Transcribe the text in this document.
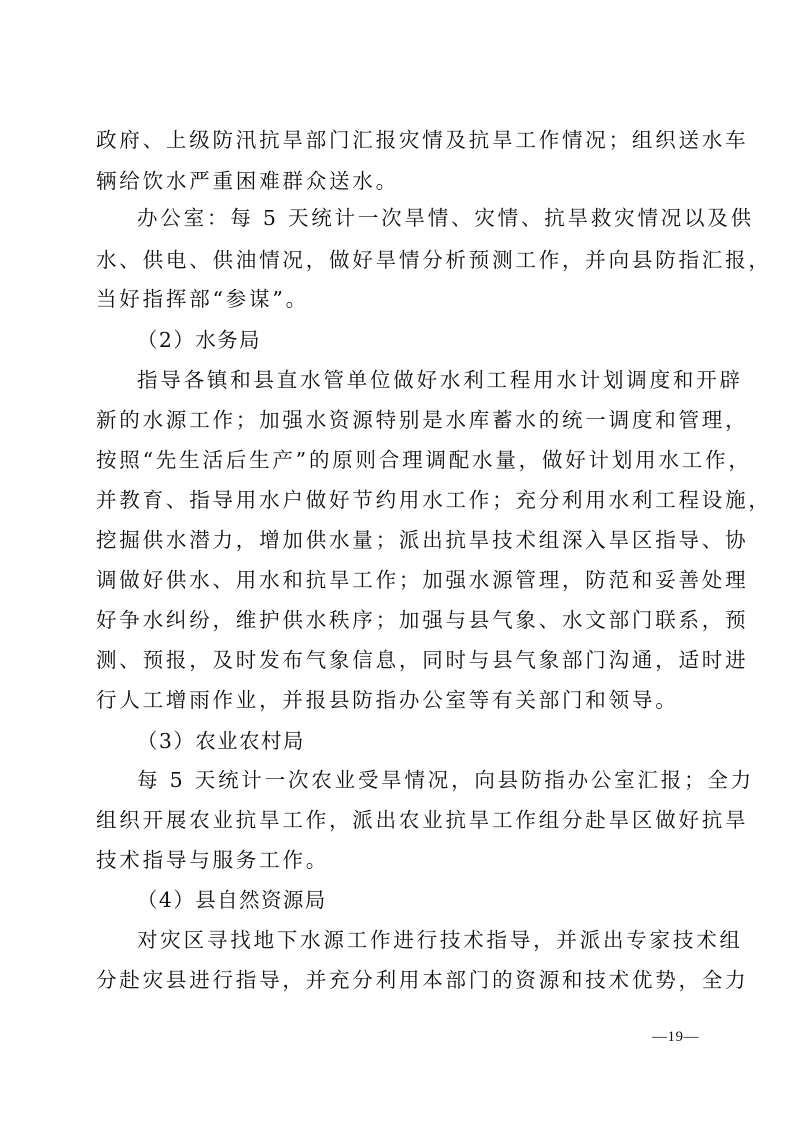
政府、上级防汛抗旱部门汇报灾情及抗旱工作情况；组织送水车
辆给饮水严重困难群众送水。
办公室：每 5 天统计一次旱情、灾情、抗旱救灾情况以及供
水、供电、供油情况，做好旱情分析预测工作，并向县防指汇报，
当好指挥部“参谋”。
（2）水务局
指导各镇和县直水管单位做好水利工程用水计划调度和开辟
新的水源工作；加强水资源特别是水库蓄水的统一调度和管理，
按照“先生活后生产”的原则合理调配水量，做好计划用水工作，
并教育、指导用水户做好节约用水工作；充分利用水利工程设施，
挖掘供水潜力，增加供水量；派出抗旱技术组深入旱区指导、协
调做好供水、用水和抗旱工作；加强水源管理，防范和妥善处理
好争水纠纷，维护供水秩序；加强与县气象、水文部门联系，预
测、预报，及时发布气象信息，同时与县气象部门沟通，适时进
行人工增雨作业，并报县防指办公室等有关部门和领导。
（3）农业农村局
每 5 天统计一次农业受旱情况，向县防指办公室汇报；全力
组织开展农业抗旱工作，派出农业抗旱工作组分赴旱区做好抗旱
技术指导与服务工作。
（4）县自然资源局
对灾区寻找地下水源工作进行技术指导，并派出专家技术组
分赴灾县进行指导，并充分利用本部门的资源和技术优势，全力
—19—
